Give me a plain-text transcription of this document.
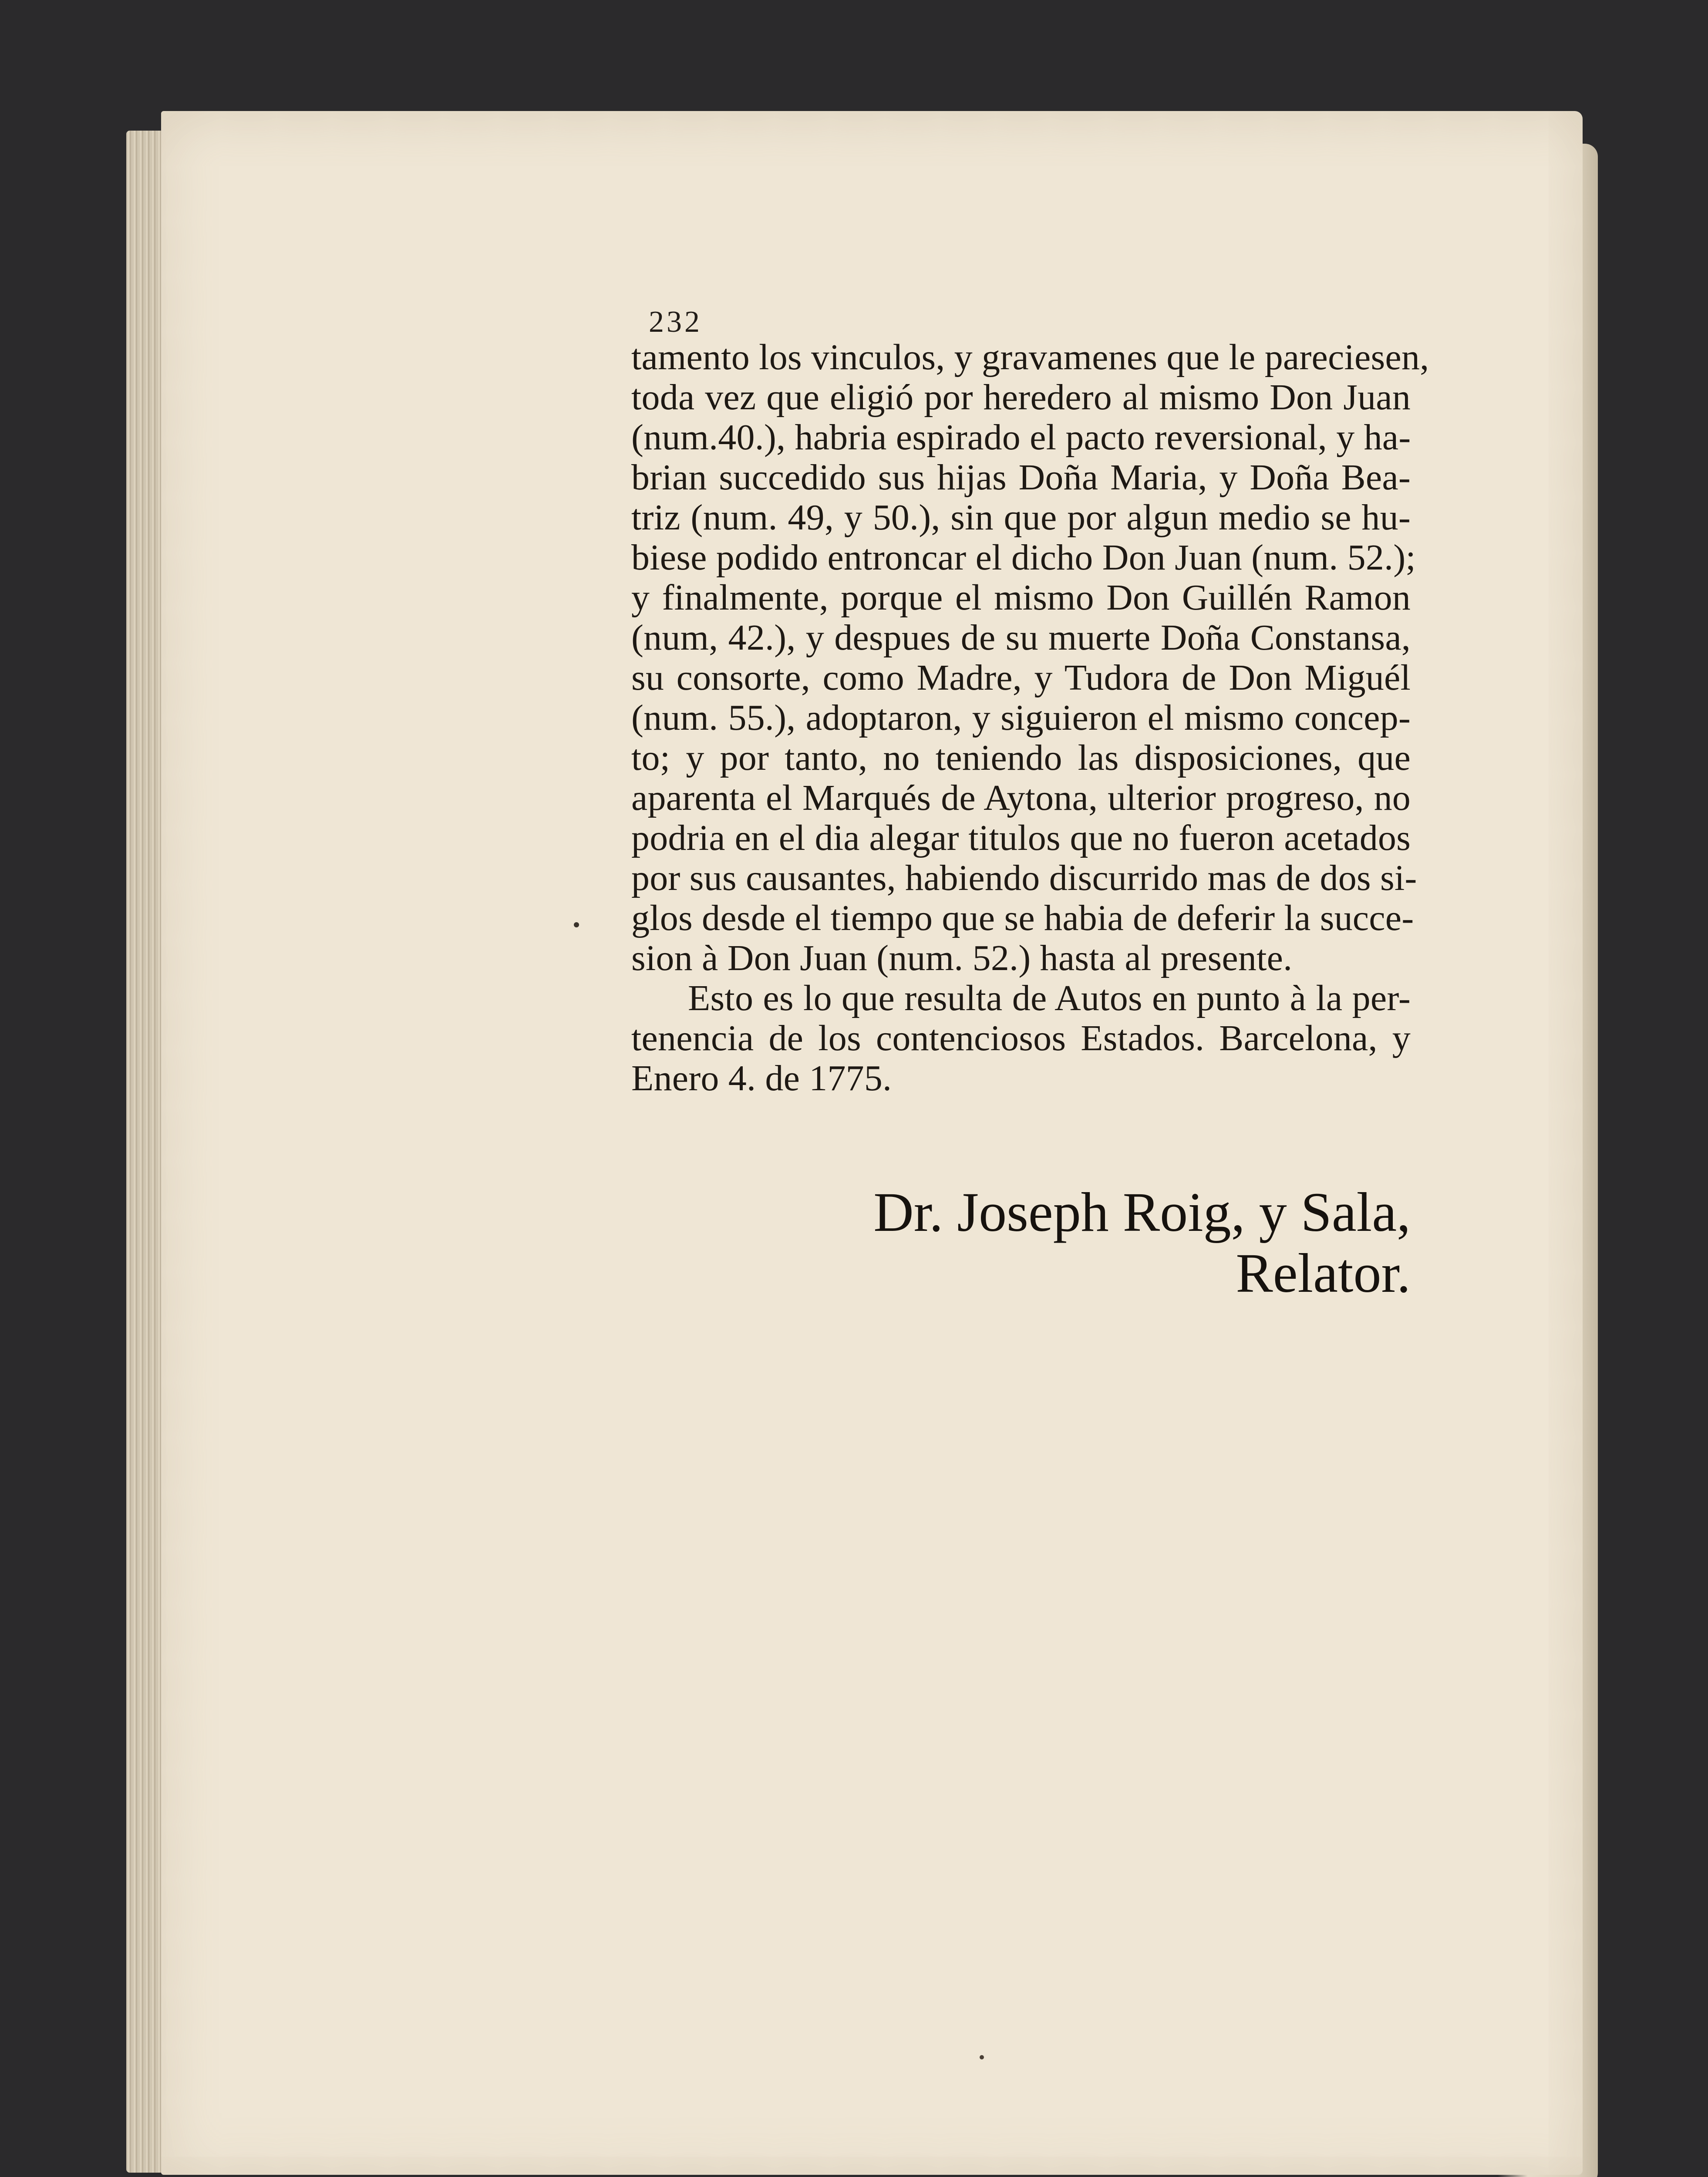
232
tamento los vinculos, y gravamenes que le pareciesen,
toda vez que eligió por heredero al mismo Don Juan
(num.40.), habria espirado el pacto reversional, y ha-
brian succedido sus hijas Doña Maria, y Doña Bea-
triz (num. 49, y 50.), sin que por algun medio se hu-
biese podido entroncar el dicho Don Juan (num. 52.);
y finalmente, porque el mismo Don Guillén Ramon
(num, 42.), y despues de su muerte Doña Constansa,
su consorte, como Madre, y Tudora de Don Miguél
(num. 55.), adoptaron, y siguieron el mismo concep-
to; y por tanto, no teniendo las disposiciones, que
aparenta el Marqués de Aytona, ulterior progreso, no
podria en el dia alegar titulos que no fueron acetados
por sus causantes, habiendo discurrido mas de dos si-
glos desde el tiempo que se habia de deferir la succe-
sion à Don Juan (num. 52.) hasta al presente.
Esto es lo que resulta de Autos en punto à la per-
tenencia de los contenciosos Estados. Barcelona, y
Enero 4. de 1775.
Dr. Joseph Roig, y Sala,
Relator.
